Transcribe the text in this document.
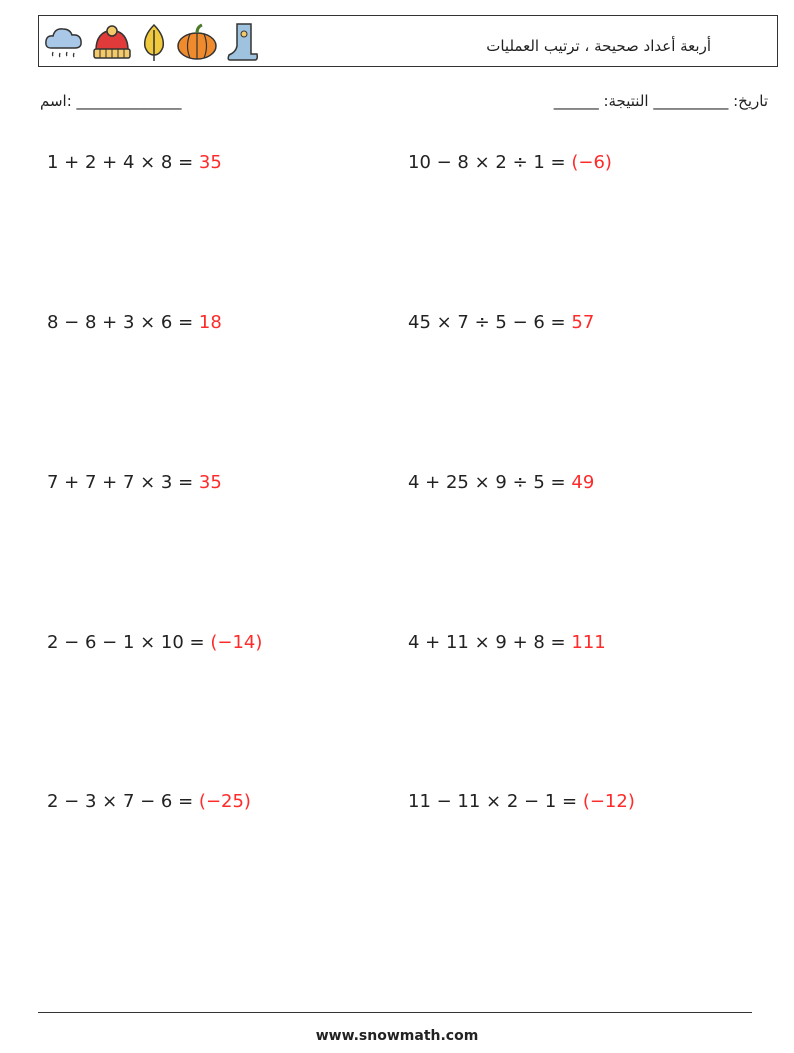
أربعة أعداد صحيحة ، ترتيب العمليات
اسم: ______________	______ :تاريخ: __________ النتيجة
1 + 2 + 4 × 8 = 35	10 − 8 × 2 ÷ 1 = (−6)
8 − 8 + 3 × 6 = 18	45 × 7 ÷ 5 − 6 = 57
7 + 7 + 7 × 3 = 35	4 + 25 × 9 ÷ 5 = 49
2 − 6 − 1 × 10 = (−14)	4 + 11 × 9 + 8 = 111
2 − 3 × 7 − 6 = (−25)	11 − 11 × 2 − 1 = (−12)
www.snowmath.com
